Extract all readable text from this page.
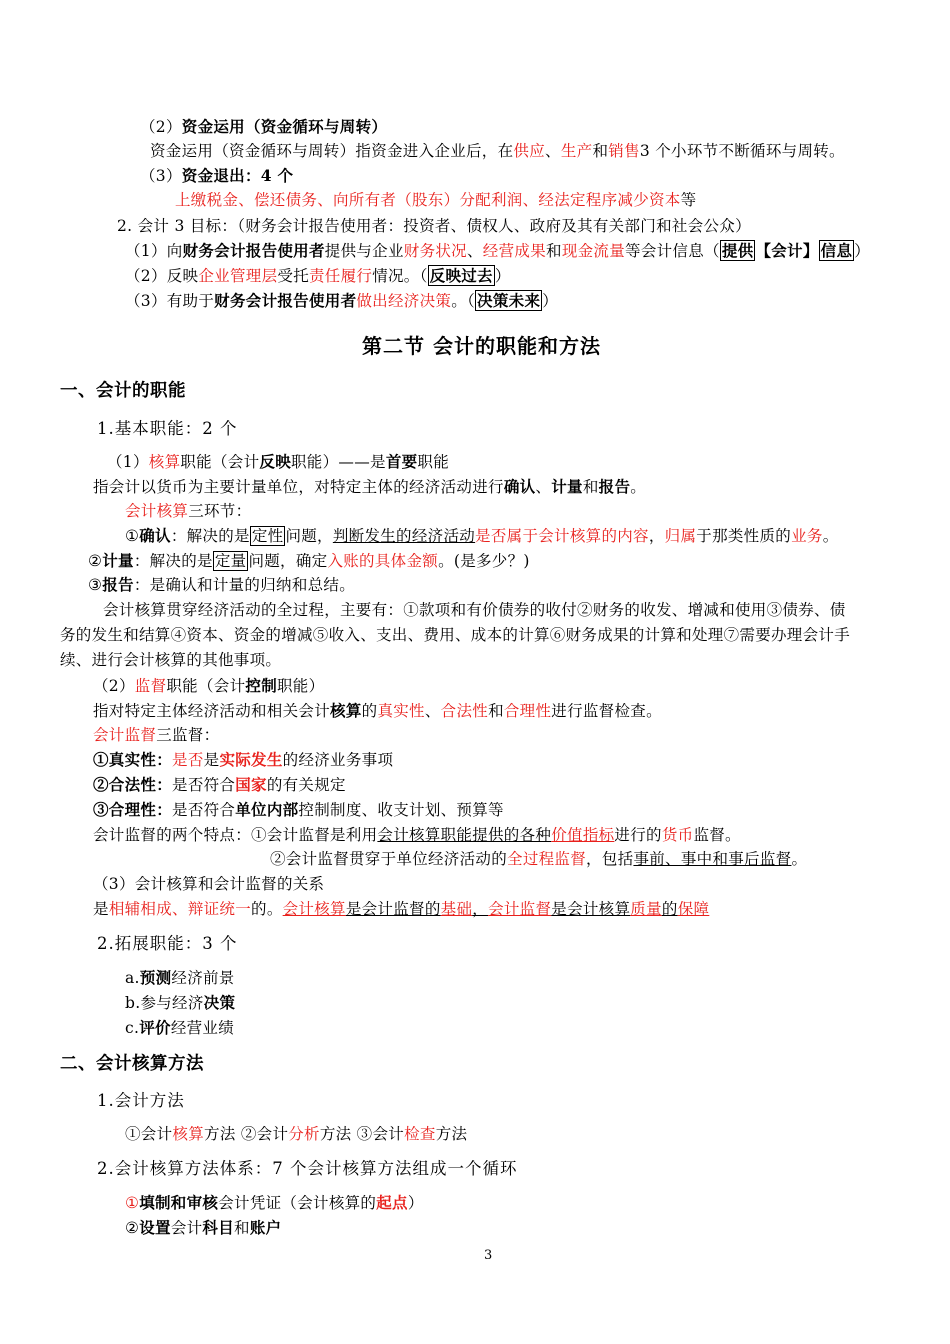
（2）资金运用（资金循环与周转）
资金运用（资金循环与周转）指资金进入企业后，在供应、生产和销售3 个小环节不断循环与周转。
（3）资金退出：4 个
上缴税金、偿还债务、向所有者（股东）分配利润、经法定程序减少资本等
2. 会计 3 目标：（财务会计报告使用者：投资者、债权人、政府及其有关部门和社会公众）
（1）向财务会计报告使用者提供与企业财务状况、经营成果和现金流量等会计信息（ 提供 【会计】 信息 ）
（2）反映企业管理层受托责任履行情况。（ 反映过去 ）
（3）有助于财务会计报告使用者做出经济决策。（ 决策未来 ）
第二节 会计的职能和方法
一、会计的职能
1.基本职能：2 个
（1）核算职能（会计反映职能）——是首要职能
指会计以货币为主要计量单位，对特定主体的经济活动进行确认、计量和报告。
会计核算三环节：
①确认：解决的是 定性 问题，判断发生的经济活动是否属于会计核算的内容，归属于那类性质的业务。
②计量：解决的是 定量 问题，确定入账的具体金额。(是多少？)
③报告：是确认和计量的归纳和总结。
会计核算贯穿经济活动的全过程，主要有：①款项和有价债券的收付②财务的收发、增减和使用③债券、债
务的发生和结算④资本、资金的增减⑤收入、支出、费用、成本的计算⑥财务成果的计算和处理⑦需要办理会计手
续、进行会计核算的其他事项。
（2）监督职能（会计控制职能）
指对特定主体经济活动和相关会计核算的真实性、合法性和合理性进行监督检查。
会计监督三监督：
①真实性：是否是实际发生的经济业务事项
②合法性：是否符合国家的有关规定
③合理性：是否符合单位内部控制制度、收支计划、预算等
会计监督的两个特点：①会计监督是利用会计核算职能提供的各种价值指标进行的货币监督。
②会计监督贯穿于单位经济活动的全过程监督，包括事前、事中和事后监督。
（3）会计核算和会计监督的关系
是相辅相成、辩证统一的。会计核算是会计监督的基础，会计监督是会计核算质量的保障
2.拓展职能：3 个
a.预测经济前景
b.参与经济决策
c.评价经营业绩
二、会计核算方法
1.会计方法
①会计核算方法 ②会计分析方法 ③会计检查方法
2.会计核算方法体系：7 个会计核算方法组成一个循环
①填制和审核会计凭证（会计核算的起点）
②设置会计科目和账户
3
